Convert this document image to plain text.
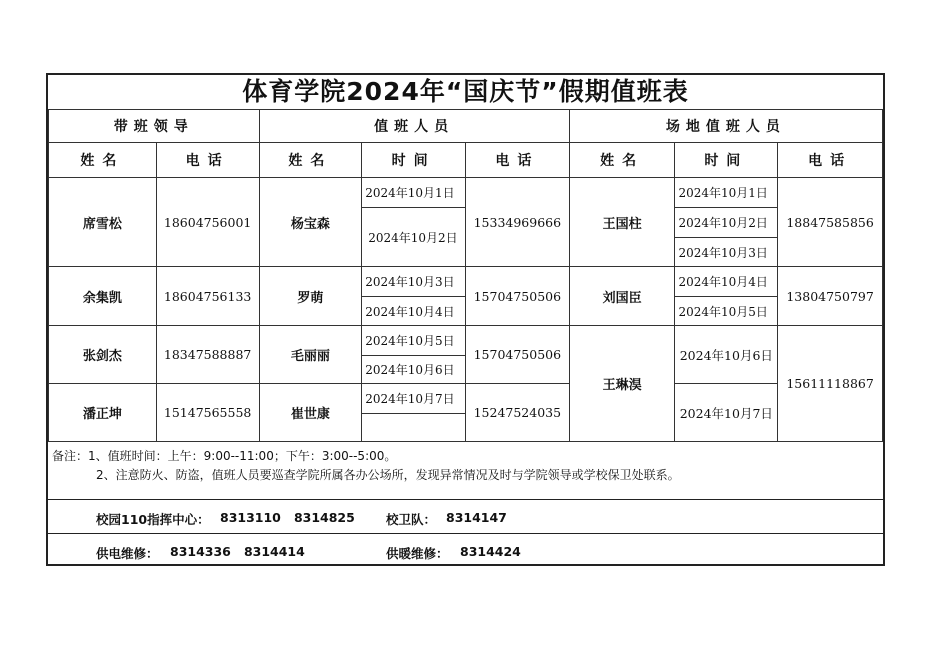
体育学院2024年“国庆节”假期值班表
带班领导		值班人员			场地值班人员		
姓名	电话	姓名	时间	电话	姓名	时间	电话
席雪松	18604756001	杨宝森	2024年10月1日	15334969666	王国柱	2024年10月1日	18847585856

			2024年10月2日			2024年10月2日	

						2024年10月3日	

余集凯	18604756133	罗萌	2024年10月3日	15704750506	刘国臣	2024年10月4日	13804750797
			2024年10月4日			2024年10月5日	
张剑杰	18347588887	毛丽丽	2024年10月5日	15704750506	王琳淏	2024年10月6日	15611118867
			2024年10月6日				
潘正坤	15147565558	崔世康	2024年10月7日	15247524035		2024年10月7日	

备注：1、值班时间：上午：9:00--11:00；下午：3:00--5:00。
2、注意防火、防盗，值班人员要巡查学院所属各办公场所，发现异常情况及时与学院领导或学校保卫处联系。
校园110指挥中心： 8313110   8314825 校卫队： 8314147
供电维修： 8314336   8314414	供暖维修： 8314424
